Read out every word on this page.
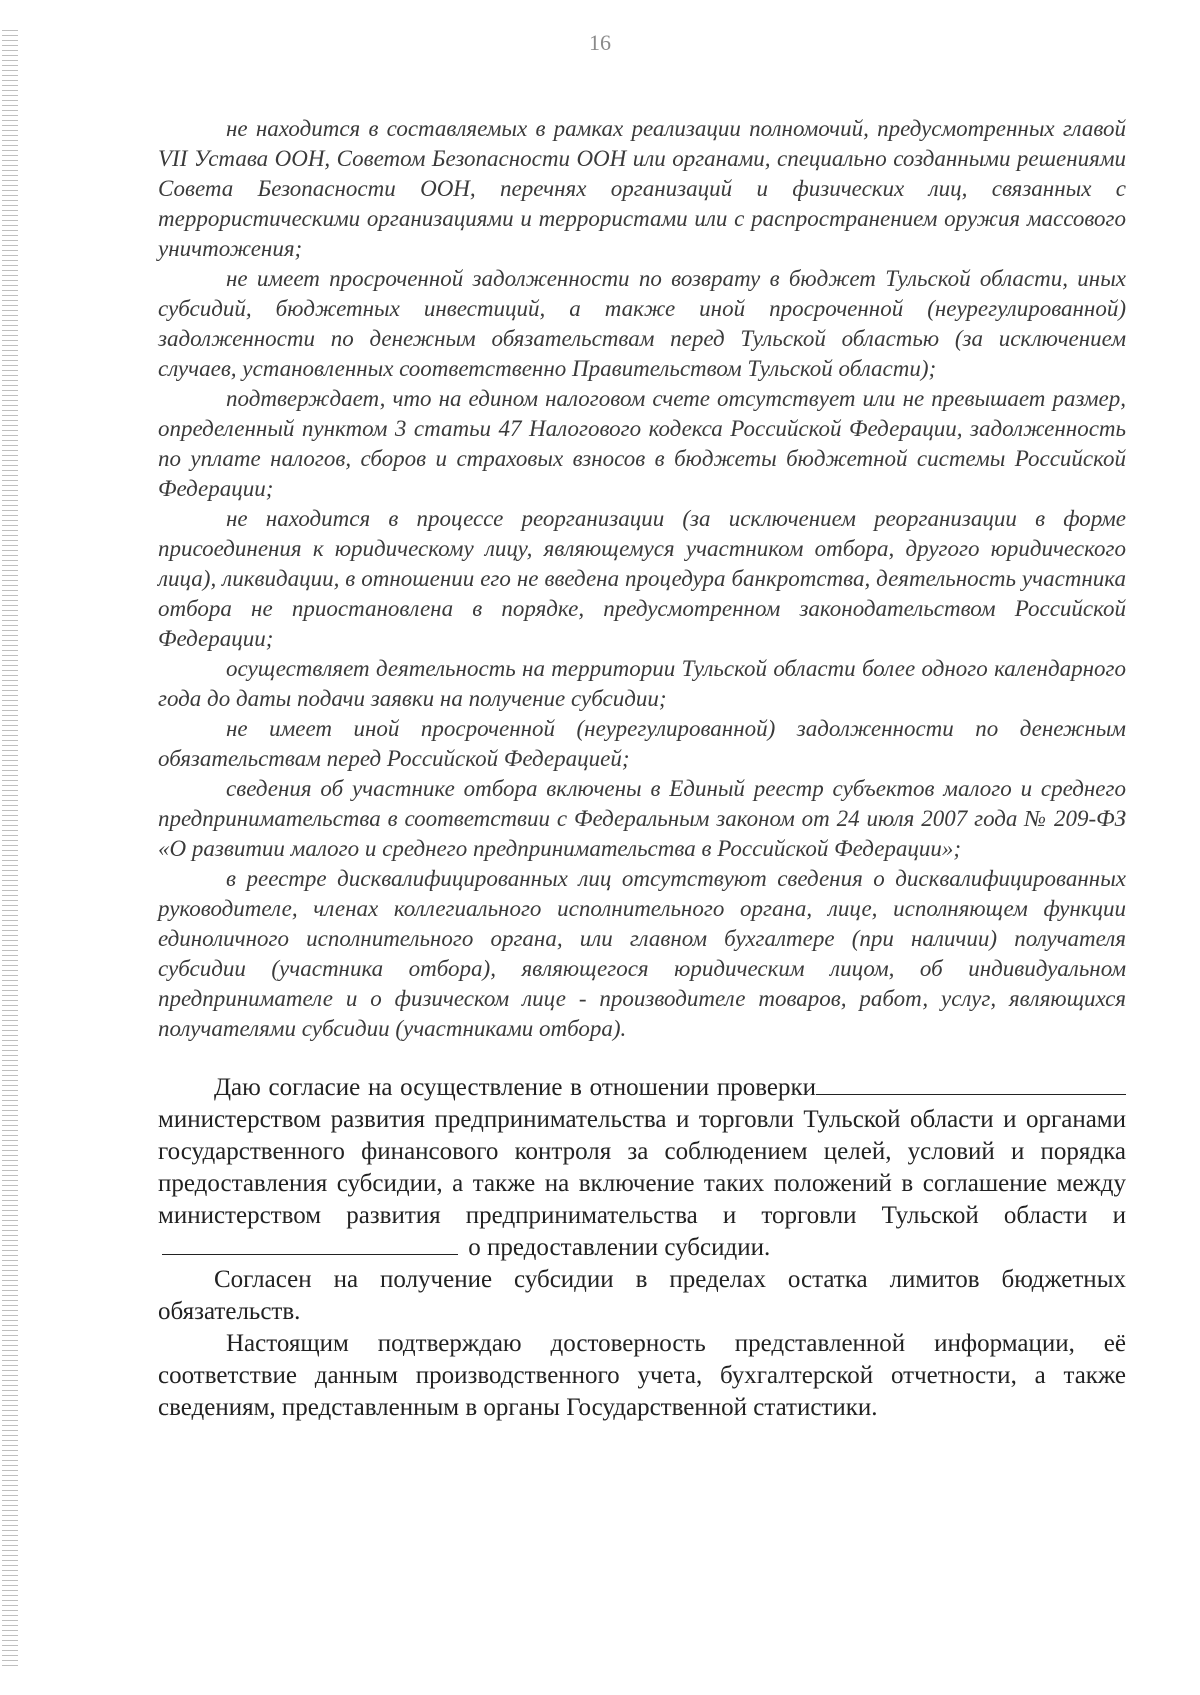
16

не находится в составляемых в рамках реализации полномочий, предусмотренных главой VII Устава ООН, Советом Безопасности ООН или органами, специально созданными решениями Совета Безопасности ООН, перечнях организаций и физических лиц, связанных с террористическими организациями и террористами или с распространением оружия массового уничтожения;

не имеет просроченной задолженности по возврату в бюджет Тульской области, иных субсидий, бюджетных инвестиций, а также иной просроченной (неурегулированной) задолженности по денежным обязательствам перед Тульской областью (за исключением случаев, установленных соответственно Правительством Тульской области);

подтверждает, что на едином налоговом счете отсутствует или не превышает размер, определенный пунктом 3 статьи 47 Налогового кодекса Российской Федерации, задолженность по уплате налогов, сборов и страховых взносов в бюджеты бюджетной системы Российской Федерации;

не находится в процессе реорганизации (за исключением реорганизации в форме присоединения к юридическому лицу, являющемуся участником отбора, другого юридического лица), ликвидации, в отношении его не введена процедура банкротства, деятельность участника отбора не приостановлена в порядке, предусмотренном законодательством Российской Федерации;

осуществляет деятельность на территории Тульской области более одного календарного года до даты подачи заявки на получение субсидии;

не имеет иной просроченной (неурегулированной) задолженности по денежным обязательствам перед Российской Федерацией;

сведения об участнике отбора включены в Единый реестр субъектов малого и среднего предпринимательства в соответствии с Федеральным законом от 24 июля 2007 года № 209-ФЗ «О развитии малого и среднего предпринимательства в Российской Федерации»;

в реестре дисквалифицированных лиц отсутствуют сведения о дисквалифицированных руководителе, членах коллегиального исполнительного органа, лице, исполняющем функции единоличного исполнительного органа, или главном бухгалтере (при наличии) получателя субсидии (участника отбора), являющегося юридическим лицом, об индивидуальном предпринимателе и о физическом лице - производителе товаров, работ, услуг, являющихся получателями субсидии (участниками отбора).

Даю согласие на осуществление в отношении проверки министерством развития предпринимательства и торговли Тульской области и органами государственного финансового контроля за соблюдением целей, условий и порядка предоставления субсидии, а также на включение таких положений в соглашение между министерством развития предпринимательства и торговли Тульской области и  о предоставлении субсидии.

Согласен на получение субсидии в пределах остатка лимитов бюджетных обязательств.

Настоящим подтверждаю достоверность представленной информации, её соответствие данным производственного учета, бухгалтерской отчетности, а также сведениям, представленным в органы Государственной статистики.
